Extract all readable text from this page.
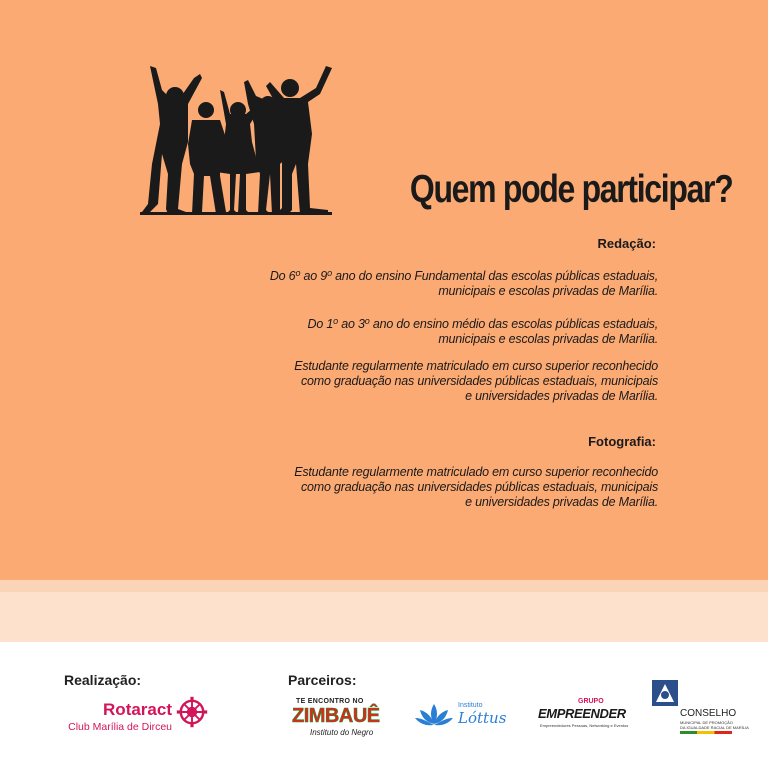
Quem pode participar?
Redação:
Do 6$^o$ ao 9$^o$ ano do ensino Fundamental das escolas públicas estaduais,
municipais e escolas privadas de Marília.
Do 1$^o$ ao 3$^o$ ano do ensino médio das escolas públicas estaduais,
municipais e escolas privadas de Marília.
Estudante regularmente matriculado em curso superior reconhecido
como graduação nas universidades públicas estaduais, municipais
e universidades privadas de Marília.
Fotografia:
Estudante regularmente matriculado em curso superior reconhecido
como graduação nas universidades públicas estaduais, municipais
e universidades privadas de Marília.
Realização:	Parceiros:
Rotaract
Club Marília de Dirceu
TE ENCONTRO NO
ZIMBAUÊ
Instituto do Negro
Instituto
Lóttus
GRUPO
EMPREENDER
Empreendedores Pessoas, Networking e Eventos
CONSELHO
MUNICIPAL DE PROMOÇÃO
DA IGUALDADE RACIAL DE MARÍLIA
